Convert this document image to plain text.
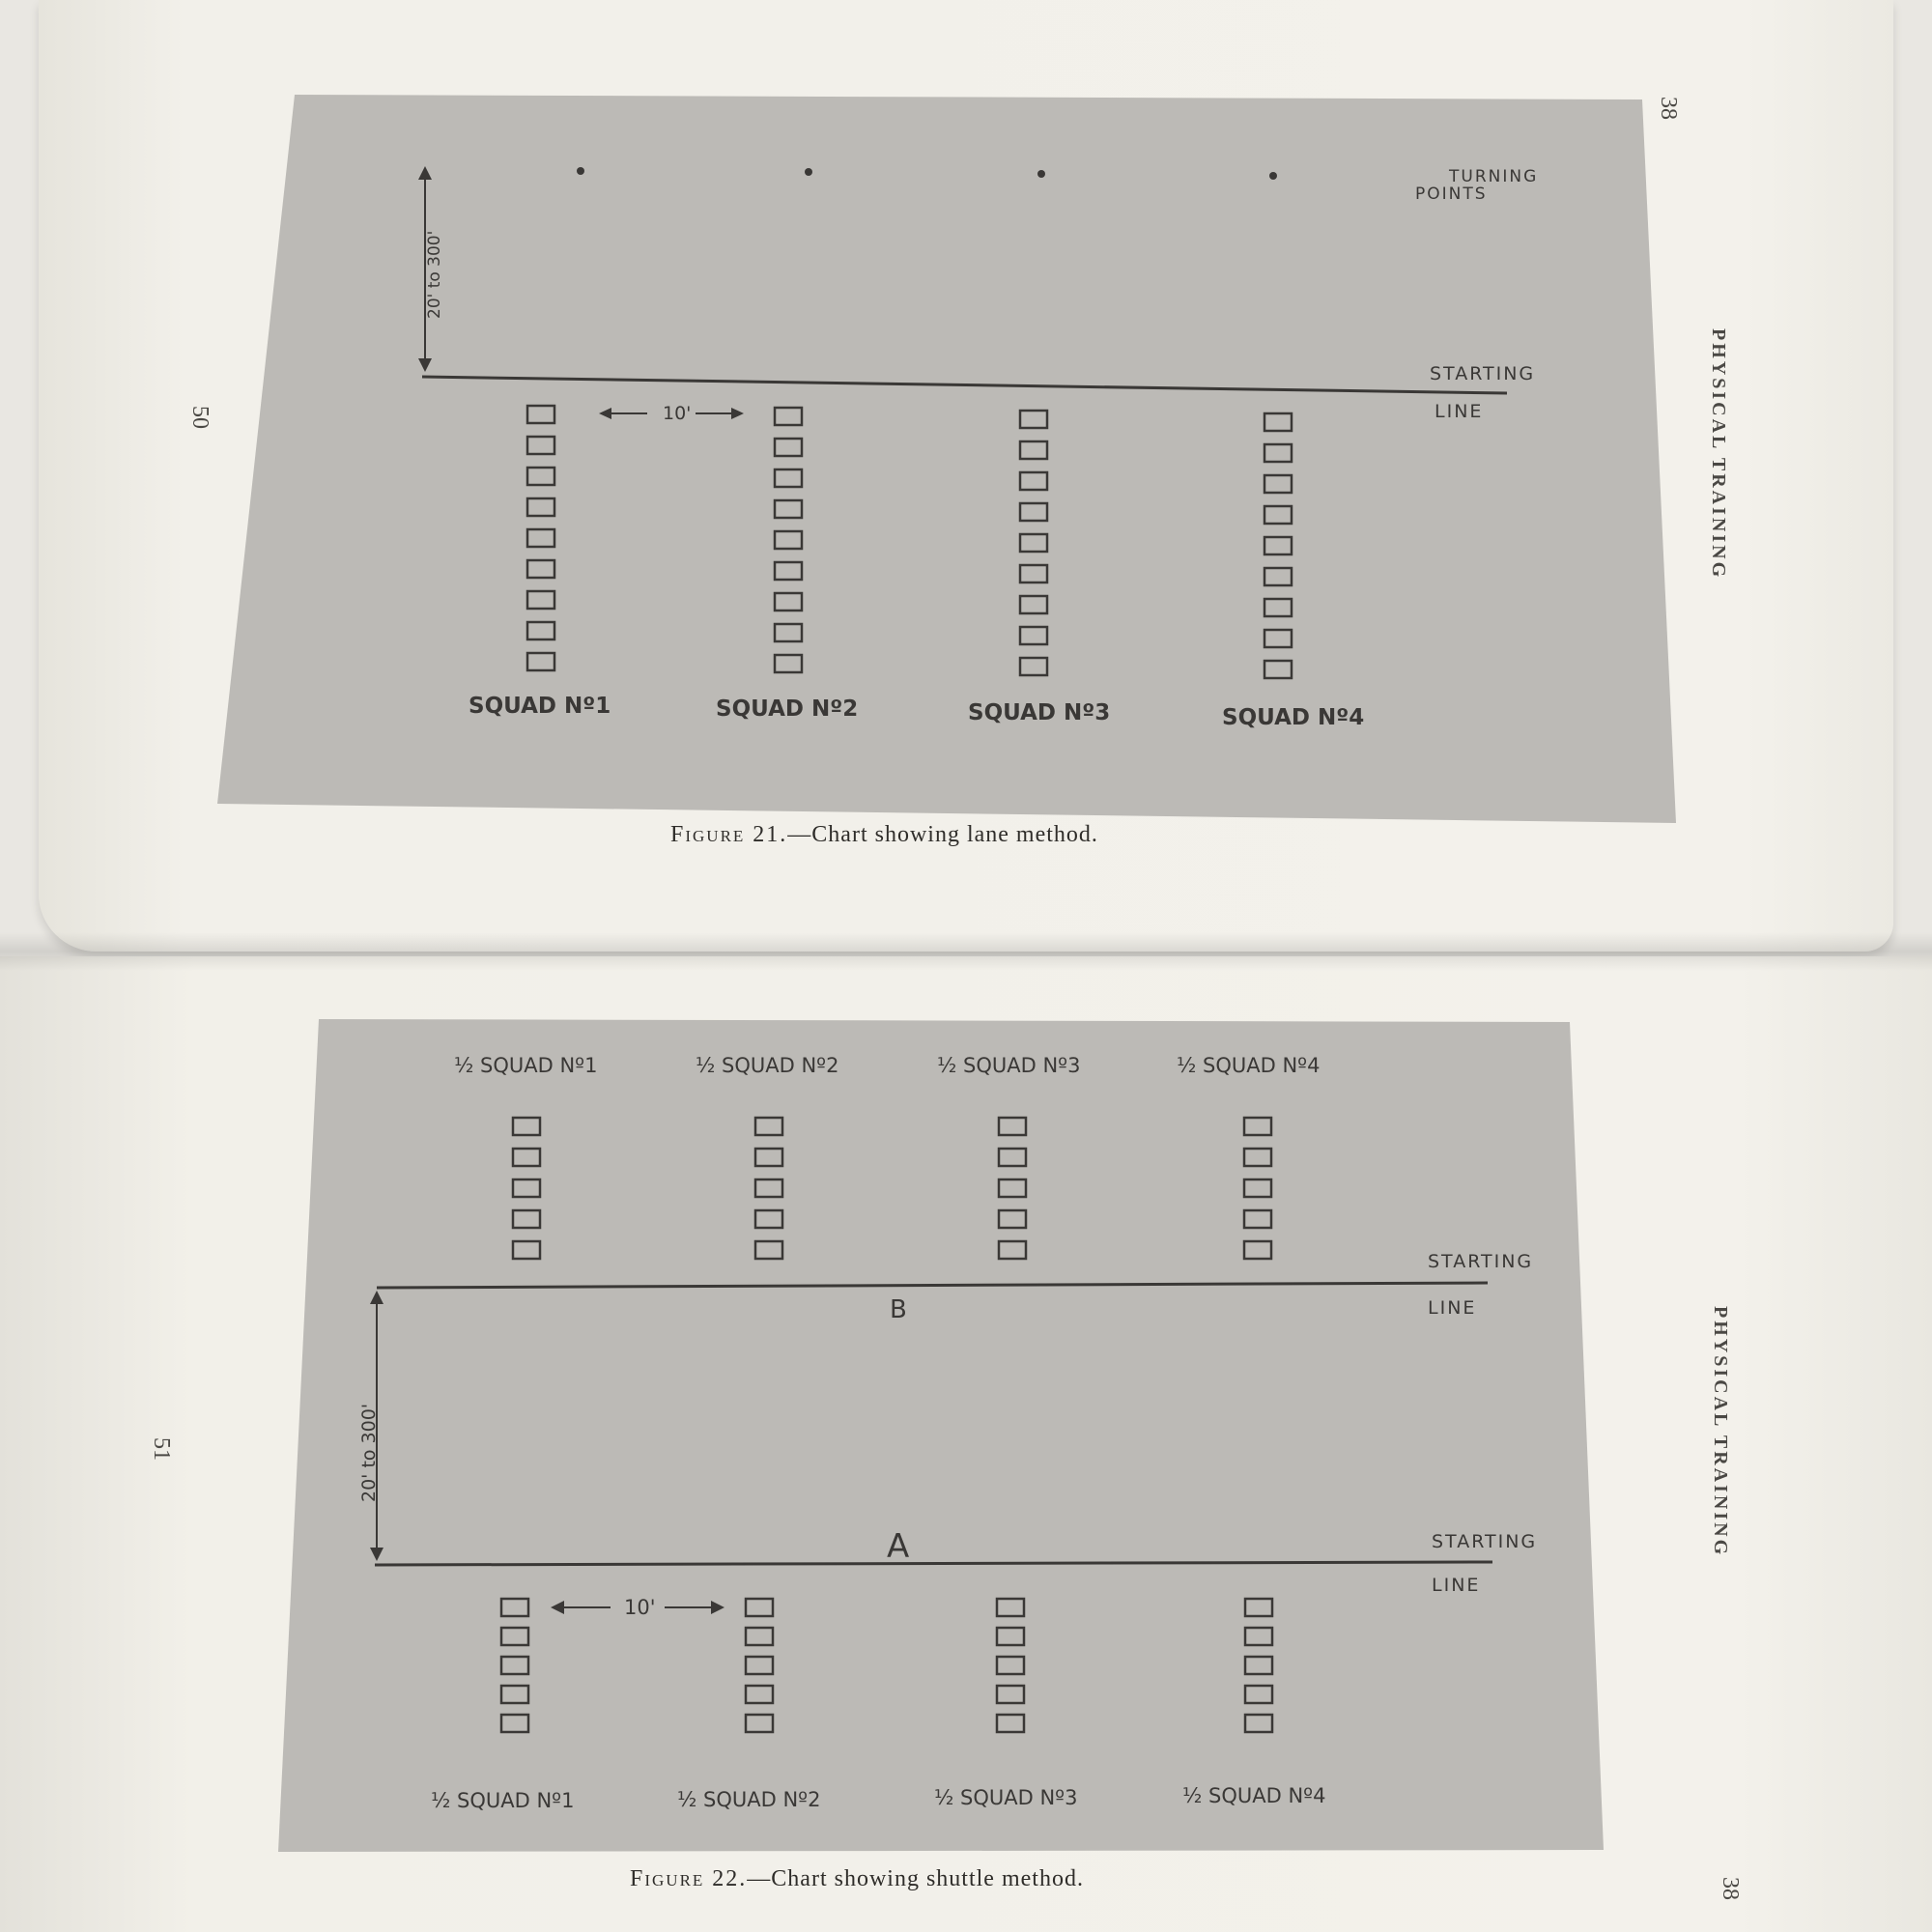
PHYSICAL TRAINING
38
50
TURNING
POINTS
STARTING
LINE
20' to 300'
10'
SQUAD Nº1	SQUAD Nº2	SQUAD Nº3	SQUAD Nº4
Figure 21.—Chart showing lane method.
PHYSICAL TRAINING
38
51
½ SQUAD Nº1	½ SQUAD Nº2	½ SQUAD Nº3	½ SQUAD Nº4
STARTING
LINE
B
STARTING
LINE
A
20' to 300'
10'
½ SQUAD Nº1	½ SQUAD Nº2	½ SQUAD Nº3	½ SQUAD Nº4
Figure 22.—Chart showing shuttle method.
